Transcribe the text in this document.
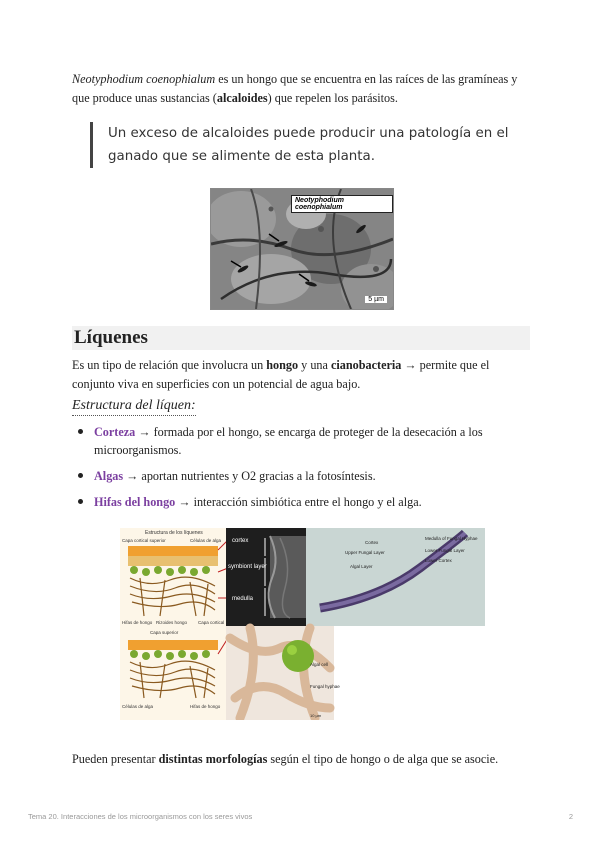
Neotyphodium coenophialum es un hongo que se encuentra en las raíces de las gramíneas y que produce unas sustancias (alcaloides) que repelen los parásitos.

Un exceso de alcaloides puede producir una patología en el ganado que se alimente de esta planta.
Neotyphodium coenophialum
5 µm
Líquenes

Es un tipo de relación que involucra un hongo y una cianobacteria → permite que el conjunto viva en superficies con un potencial de agua bajo.

Estructura del líquen:
Corteza → formada por el hongo, se encarga de proteger de la desecación a los microorganismos.
Algas → aportan nutrientes y O2 gracias a la fotosíntesis.
Hifas del hongo → interacción simbiótica entre el hongo y el alga.
Estructura de los líquenes
Capa cortical superior	Células de alga
Hifas de hongo Rizoides hongo Capa cortical
Capa superior
Células de alga	Hifas de hongo
cortex
symbiont layer
medulla
Cortex
Upper Fungal Layer
Algal Layer
Medulla of Fungal Hyphae
Lower Fungal Layer
Lower Cortex
Algal cell
Fungal hyphae
10 µm

Pueden presentar distintas morfologías según el tipo de hongo o de alga que se asocie.

Tema 20. Interacciones de los microorganismos con los seres vivos	2
